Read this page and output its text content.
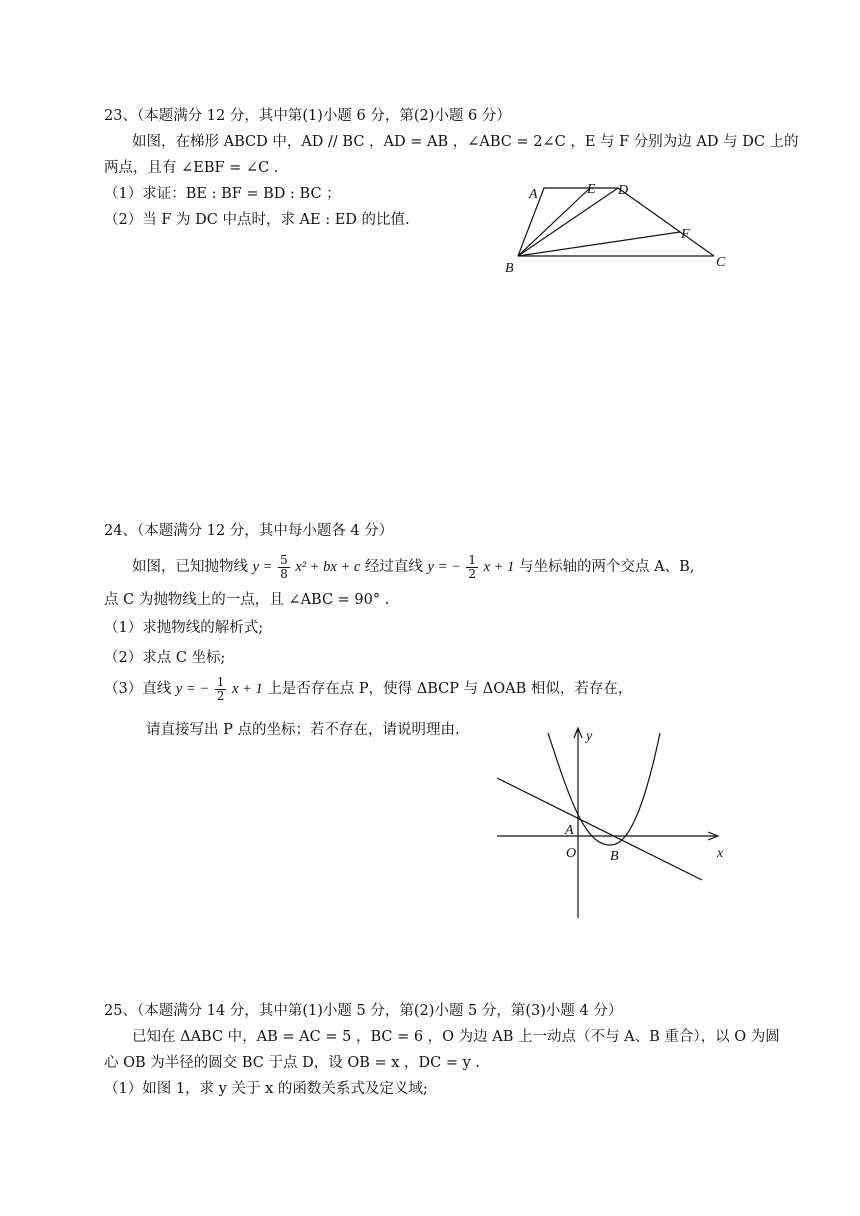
23、（本题满分 12 分，其中第(1)小题 6 分，第(2)小题 6 分）
如图，在梯形 ABCD 中，AD // BC ，AD = AB ，∠ABC = 2∠C ，E 与 F 分别为边 AD 与 DC 上的
两点，且有 ∠EBF = ∠C .
（1）求证：BE : BF = BD : BC ；
（2）当 F 为 DC 中点时，求 AE : ED 的比值.
A	E D
F
B	C
24、（本题满分 12 分，其中每小题各 4 分）
如图，已知抛物线 $y = \frac{5}{8} x^2$ + bx + c 经过直线 y = − $\frac{1}{2}$ x + 1 与坐标轴的两个交点 A、B,
点 C 为抛物线上的一点，且 ∠ABC = 90° .
（1）求抛物线的解析式;
（2）求点 C 坐标;
（3）直线 y = − $\frac{1}{2}$ x + 1 上是否存在点 P，使得 ΔBCP 与 ΔOAB 相似，若存在，
请直接写出 P 点的坐标；若不存在，请说明理由.	y
x
A
O B
25、（本题满分 14 分，其中第(1)小题 5 分，第(2)小题 5 分，第(3)小题 4 分）
已知在 ΔABC 中，AB = AC = 5 ，BC = 6 ，O 为边 AB 上一动点（不与 A、B 重合），以 O 为圆
心 OB 为半径的圆交 BC 于点 D，设 OB = x ，DC = y .
（1）如图 1，求 y 关于 x 的函数关系式及定义域;
